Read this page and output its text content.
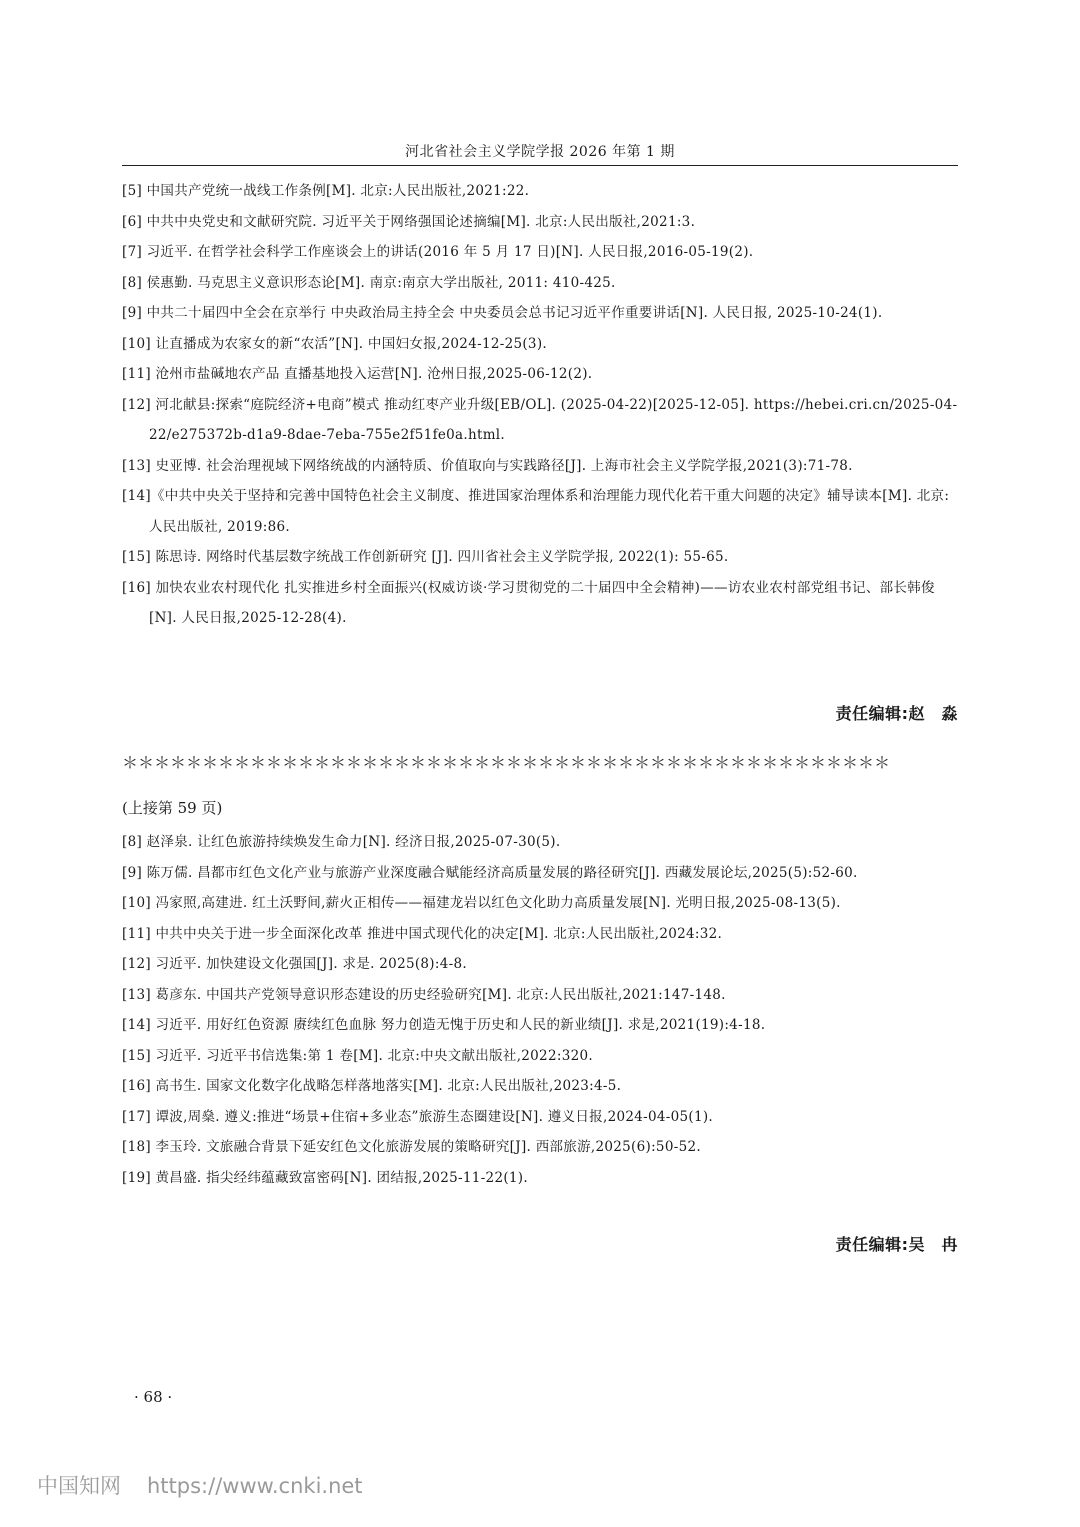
河北省社会主义学院学报 2026 年第 1 期
[5] 中国共产党统一战线工作条例[M]. 北京:人民出版社,2021:22.
[6] 中共中央党史和文献研究院. 习近平关于网络强国论述摘编[M]. 北京:人民出版社,2021:3.
[7] 习近平. 在哲学社会科学工作座谈会上的讲话(2016 年 5 月 17 日)[N]. 人民日报,2016-05-19(2).
[8] 侯惠勤. 马克思主义意识形态论[M]. 南京:南京大学出版社, 2011: 410-425.
[9] 中共二十届四中全会在京举行 中央政治局主持全会 中央委员会总书记习近平作重要讲话[N]. 人民日报, 2025-10-24(1).
[10] 让直播成为农家女的新“农活”[N]. 中国妇女报,2024-12-25(3).
[11] 沧州市盐碱地农产品 直播基地投入运营[N]. 沧州日报,2025-06-12(2).
[12] 河北献县:探索“庭院经济+电商”模式 推动红枣产业升级[EB/OL]. (2025-04-22)[2025-12-05]. https://hebei.cri.cn/2025-04-22/e275372b-d1a9-8dae-7eba-755e2f51fe0a.html.
[13] 史亚博. 社会治理视域下网络统战的内涵特质、价值取向与实践路径[J]. 上海市社会主义学院学报,2021(3):71-78.
[14]《中共中央关于坚持和完善中国特色社会主义制度、推进国家治理体系和治理能力现代化若干重大问题的决定》辅导读本[M]. 北京: 人民出版社, 2019:86.
[15] 陈思诗. 网络时代基层数字统战工作创新研究 [J]. 四川省社会主义学院学报, 2022(1): 55-65.
[16] 加快农业农村现代化 扎实推进乡村全面振兴(权威访谈·学习贯彻党的二十届四中全会精神)——访农业农村部党组书记、部长韩俊[N]. 人民日报,2025-12-28(4).
责任编辑:赵　淼
＊＊＊＊＊＊＊＊＊＊＊＊＊＊＊＊＊＊＊＊＊＊＊＊＊＊＊＊＊＊＊＊＊＊＊＊＊＊＊＊＊＊＊＊＊＊＊＊
(上接第 59 页)
[8] 赵泽泉. 让红色旅游持续焕发生命力[N]. 经济日报,2025-07-30(5).
[9] 陈万儒. 昌都市红色文化产业与旅游产业深度融合赋能经济高质量发展的路径研究[J]. 西藏发展论坛,2025(5):52-60.
[10] 冯家照,高建进. 红土沃野间,薪火正相传——福建龙岩以红色文化助力高质量发展[N]. 光明日报,2025-08-13(5).
[11] 中共中央关于进一步全面深化改革 推进中国式现代化的决定[M]. 北京:人民出版社,2024:32.
[12] 习近平. 加快建设文化强国[J]. 求是. 2025(8):4-8.
[13] 葛彦东. 中国共产党领导意识形态建设的历史经验研究[M]. 北京:人民出版社,2021:147-148.
[14] 习近平. 用好红色资源 赓续红色血脉 努力创造无愧于历史和人民的新业绩[J]. 求是,2021(19):4-18.
[15] 习近平. 习近平书信选集:第 1 卷[M]. 北京:中央文献出版社,2022:320.
[16] 高书生. 国家文化数字化战略怎样落地落实[M]. 北京:人民出版社,2023:4-5.
[17] 谭波,周燊. 遵义:推进“场景+住宿+多业态”旅游生态圈建设[N]. 遵义日报,2024-04-05(1).
[18] 李玉玲. 文旅融合背景下延安红色文化旅游发展的策略研究[J]. 西部旅游,2025(6):50-52.
[19] 黄昌盛. 指尖经纬蕴藏致富密码[N]. 团结报,2025-11-22(1).
责任编辑:吴　冉
· 68 ·
中国知网 https://www.cnki.net
